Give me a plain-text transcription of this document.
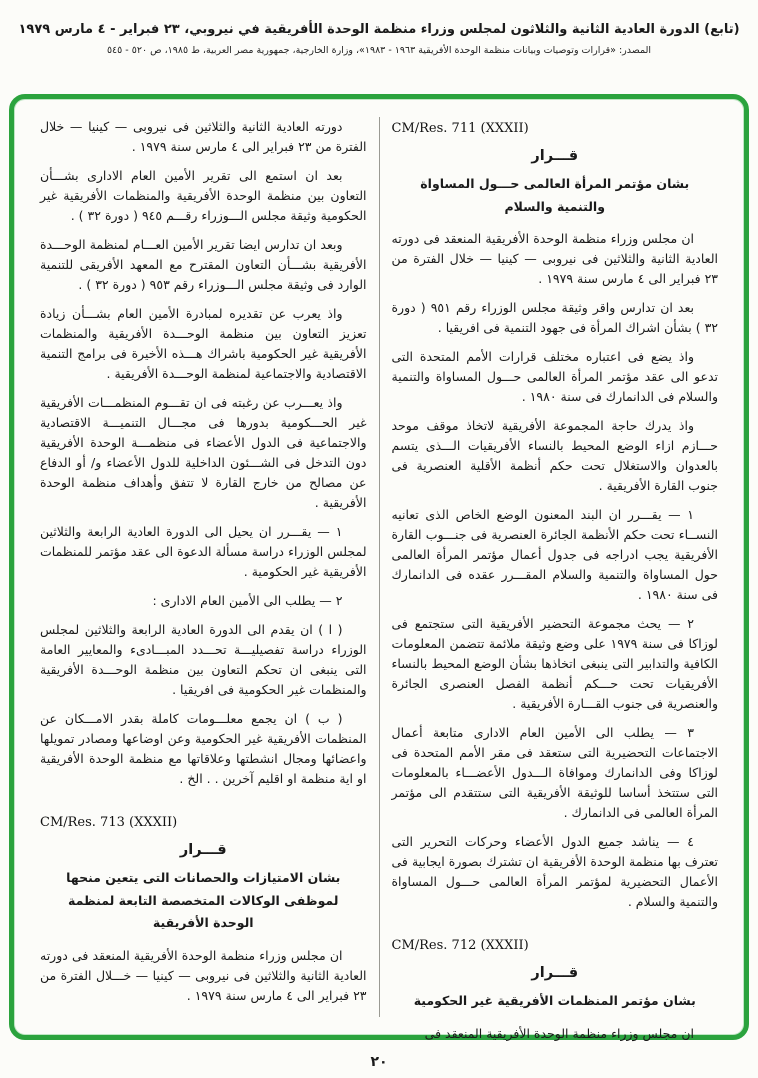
(تابع) الدورة العادية الثانية والثلاثون لمجلس وزراء منظمة الوحدة الأفريقية في نيروبي، ٢٣ فبراير - ٤ مارس ١٩٧٩
المصدر: «قرارات وتوصيات وبيانات منظمة الوحدة الأفريقية ١٩٦٣ - ١٩٨٣»، وزارة الخارجية، جمهورية مصر العربية، ط ١٩٨٥، ص ٥٢٠ - ٥٤٥
CM/Res. 711 (XXXII)
قـــرار
بشان مؤتمر المرأة العالمى حـــول المساواة والتنمية والسلام

ان مجلس وزراء منظمة الوحدة الأفريقية المنعقد فى دورته العادية الثانية والثلاثين فى نيروبى — كينيا — خلال الفترة من ٢٣ فبراير الى ٤ مارس سنة ١٩٧٩ .

بعد ان تدارس واقر وثيقة مجلس الوزراء رقم ٩٥١ ( دورة ٣٢ ) بشأن اشراك المرأة فى جهود التنمية فى افريقيا .

واذ يضع فى اعتباره مختلف قرارات الأمم المتحدة التى تدعو الى عقد مؤتمر المرأة العالمى حـــول المساواة والتنمية والسلام فى الدانمارك فى سنة ١٩٨٠ .

واذ يدرك حاجة المجموعة الأفريقية لاتخاذ موقف موحد حـــازم ازاء الوضع المحيط بالنساء الأفريقيات الـــذى يتسم بالعدوان والاستغلال تحت حكم أنظمة الأقلية العنصرية فى جنوب القارة الأفريقية .

١ — يقـــرر ان البند المعنون الوضع الخاص الذى تعانيه النســاء تحت حكم الأنظمة الجائرة العنصرية فى جنـــوب القارة الأفريقية يجب ادراجه فى جدول أعمال مؤتمر المرأة العالمى حول المساواة والتنمية والسلام المقـــرر عقده فى الدانمارك فى سنة ١٩٨٠ .

٢ — يحث مجموعة التحضير الأفريقية التى ستجتمع فى لوزاكا فى سنة ١٩٧٩ على وضع وثيقة ملائمة تتضمن المعلومات الكافية والتدابير التى ينبغى اتخاذها بشأن الوضع المحيط بالنساء الأفريقيات تحت حـــكم أنظمة الفصل العنصرى الجائرة والعنصرية فى جنوب القـــارة الأفريقية .

٣ — يطلب الى الأمين العام الادارى متابعة أعمال الاجتماعات التحضيرية التى ستعقد فى مقر الأمم المتحدة فى لوزاكا وفى الدانمارك وموافاة الـــدول الأعضـــاء بالمعلومات التى ستتخذ أساسا للوثيقة الأفريقية التى ستتقدم الى مؤتمر المرأة العالمى فى الدانمارك .

٤ — يناشد جميع الدول الأعضاء وحركات التحرير التى تعترف بها منظمة الوحدة الأفريقية ان تشترك بصورة ايجابية فى الأعمال التحضيرية لمؤتمر المرأة العالمى حـــول المساواة والتنمية والسلام .

CM/Res. 712 (XXXII)
قـــرار
بشان مؤتمر المنظمات الأفريقية غير الحكومية

ان مجلس وزراء منظمة الوحدة الأفريقية المنعقد فى

دورته العادية الثانية والثلاثين فى نيروبى — كينيا — خلال الفترة من ٢٣ فبراير الى ٤ مارس سنة ١٩٧٩ .

بعد ان استمع الى تقرير الأمين العام الادارى بشـــأن التعاون بين منظمة الوحدة الأفريقية والمنظمات الأفريقية غير الحكومية وثيقة مجلس الـــوزراء رقـــم ٩٤٥ ( دورة ٣٢ ) .

وبعد ان تدارس ايضا تقرير الأمين العـــام لمنظمة الوحـــدة الأفريقية بشـــأن التعاون المقترح مع المعهد الأفريقى للتنمية الوارد فى وثيقة مجلس الـــوزراء رقم ٩٥٣ ( دورة ٣٢ ) .

واذ يعرب عن تقديره لمبادرة الأمين العام بشـــأن زيادة تعزيز التعاون بين منظمة الوحـــدة الأفريقية والمنظمات الأفريقية غير الحكومية باشراك هـــذه الأخيرة فى برامج التنمية الاقتصادية والاجتماعية لمنظمة الوحـــدة الأفريقية .

واذ يعـــرب عن رغبته فى ان تقـــوم المنظمـــات الأفريقية غير الحـــكومية بدورها فى مجـــال التنميـــة الاقتصادية والاجتماعية فى الدول الأعضاء فى منظمـــة الوحدة الأفريقية دون التدخل فى الشـــئون الداخلية للدول الأعضاء و/ أو الدفاع عن مصالح من خارج القارة لا تتفق وأهداف منظمة الوحدة الأفريقية .

١ — يقـــرر ان يحيل الى الدورة العادية الرابعة والثلاثين لمجلس الوزراء دراسة مسألة الدعوة الى عقد مؤتمر للمنظمات الأفريقية غير الحكومية .

٢ — يطلب الى الأمين العام الادارى :

( ا ) ان يقدم الى الدورة العادية الرابعة والثلاثين لمجلس الوزراء دراسة تفصيليـــة تحـــدد المبـــادىء والمعايير العامة التى ينبغى ان تحكم التعاون بين منظمة الوحـــدة الأفريقية والمنظمات غير الحكومية فى افريقيا .

( ب ) ان يجمع معلـــومات كاملة بقدر الامـــكان عن المنظمات الأفريقية غير الحكومية وعن اوضاعها ومصادر تمويلها واعضائها ومجال انشطتها وعلاقاتها مع منظمة الوحدة الأفريقية او اية منظمة او اقليم آخرين . . الخ .

CM/Res. 713 (XXXII)
قـــرار
بشان الامتيازات والحصانات التى يتعين منحها لموظفى الوكالات المتخصصة التابعة لمنظمة الوحدة الأفريقية

ان مجلس وزراء منظمة الوحدة الأفريقية المنعقد فى دورته العادية الثانية والثلاثين فى نيروبى — كينيا — خـــلال الفترة من ٢٣ فبراير الى ٤ مارس سنة ١٩٧٩ .

٢٠
